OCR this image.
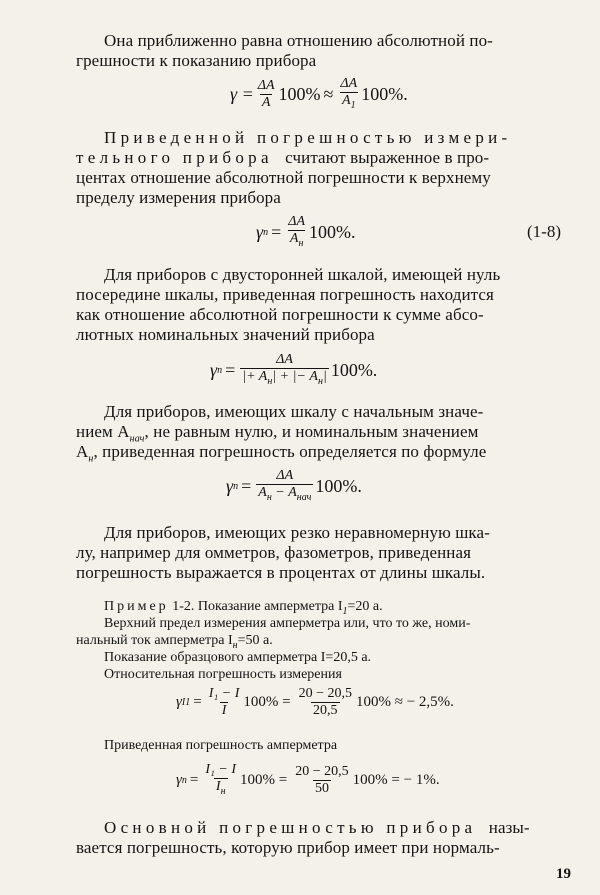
Она приближенно равна отношению абсолютной по-
грешности к показанию прибора
$\gamma = \frac{\Delta A}{A} 100\% \approx \frac{\Delta A}{A_1} 100\%$.
Приведенной погрешностью измери-
тельного прибора считают выраженное в про-
центах отношение абсолютной погрешности к верхнему
пределу измерения прибора
γ $n = \frac{\Delta A}{A_н} 100\%$.	(1-8)
Для приборов с двусторонней шкалой, имеющей нуль
посередине шкалы, приведенная погрешность находится
как отношение абсолютной погрешности к сумме абсо-
лютных номинальных значений прибора
γ $n = \frac{\Delta A}{|+ A_н| + |- A_н|} 100\%$.
Для приборов, имеющих шкалу с начальным значе-
нием $A_{нач}$, не равным нулю, и номинальным значением
$A_н$, приведенная погрешность определяется по формуле
γ $n = \frac{\Delta A}{A_н - A_{нач}} 100\%$.
Для приборов, имеющих резко неравномерную шка-
лу, например для омметров, фазометров, приведенная
погрешность выражается в процентах от длины шкалы.
Пример 1-2. Показание амперметра $I_1=20$ a.
Верхний предел измерения амперметра или, что то же, номи-
нальный ток амперметра $I_н=50$ a.
Показание образцового амперметра I=20,5 a.
Относительная погрешность измерения
γ $I1 = \frac{\text{I₁ − I}}{I} 100\% = \frac{20 - 20,5}{20,5} 100\%$ ≈ − 2,5%.
Приведенная погрешность амперметра
γ $n = \frac{\text{I₁ − I}}{I_н} 100\% = \frac{20 - 20,5}{50} 100\%$ = − 1%.
Основной погрешностью прибора назы-
вается погрешность, которую прибор имеет при нормаль-
19
